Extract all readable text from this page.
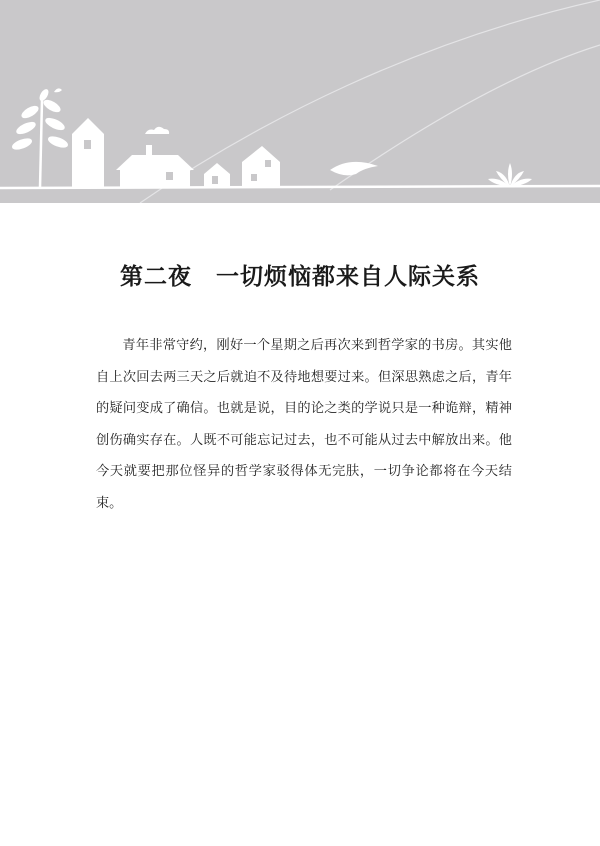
第二夜　一切烦恼都来自人际关系

青年非常守约，刚好一个星期之后再次来到哲学家的书房。其实他自上次回去两三天之后就迫不及待地想要过来。但深思熟虑之后，青年的疑问变成了确信。也就是说，目的论之类的学说只是一种诡辩，精神创伤确实存在。人既不可能忘记过去，也不可能从过去中解放出来。他今天就要把那位怪异的哲学家驳得体无完肤，一切争论都将在今天结束。
